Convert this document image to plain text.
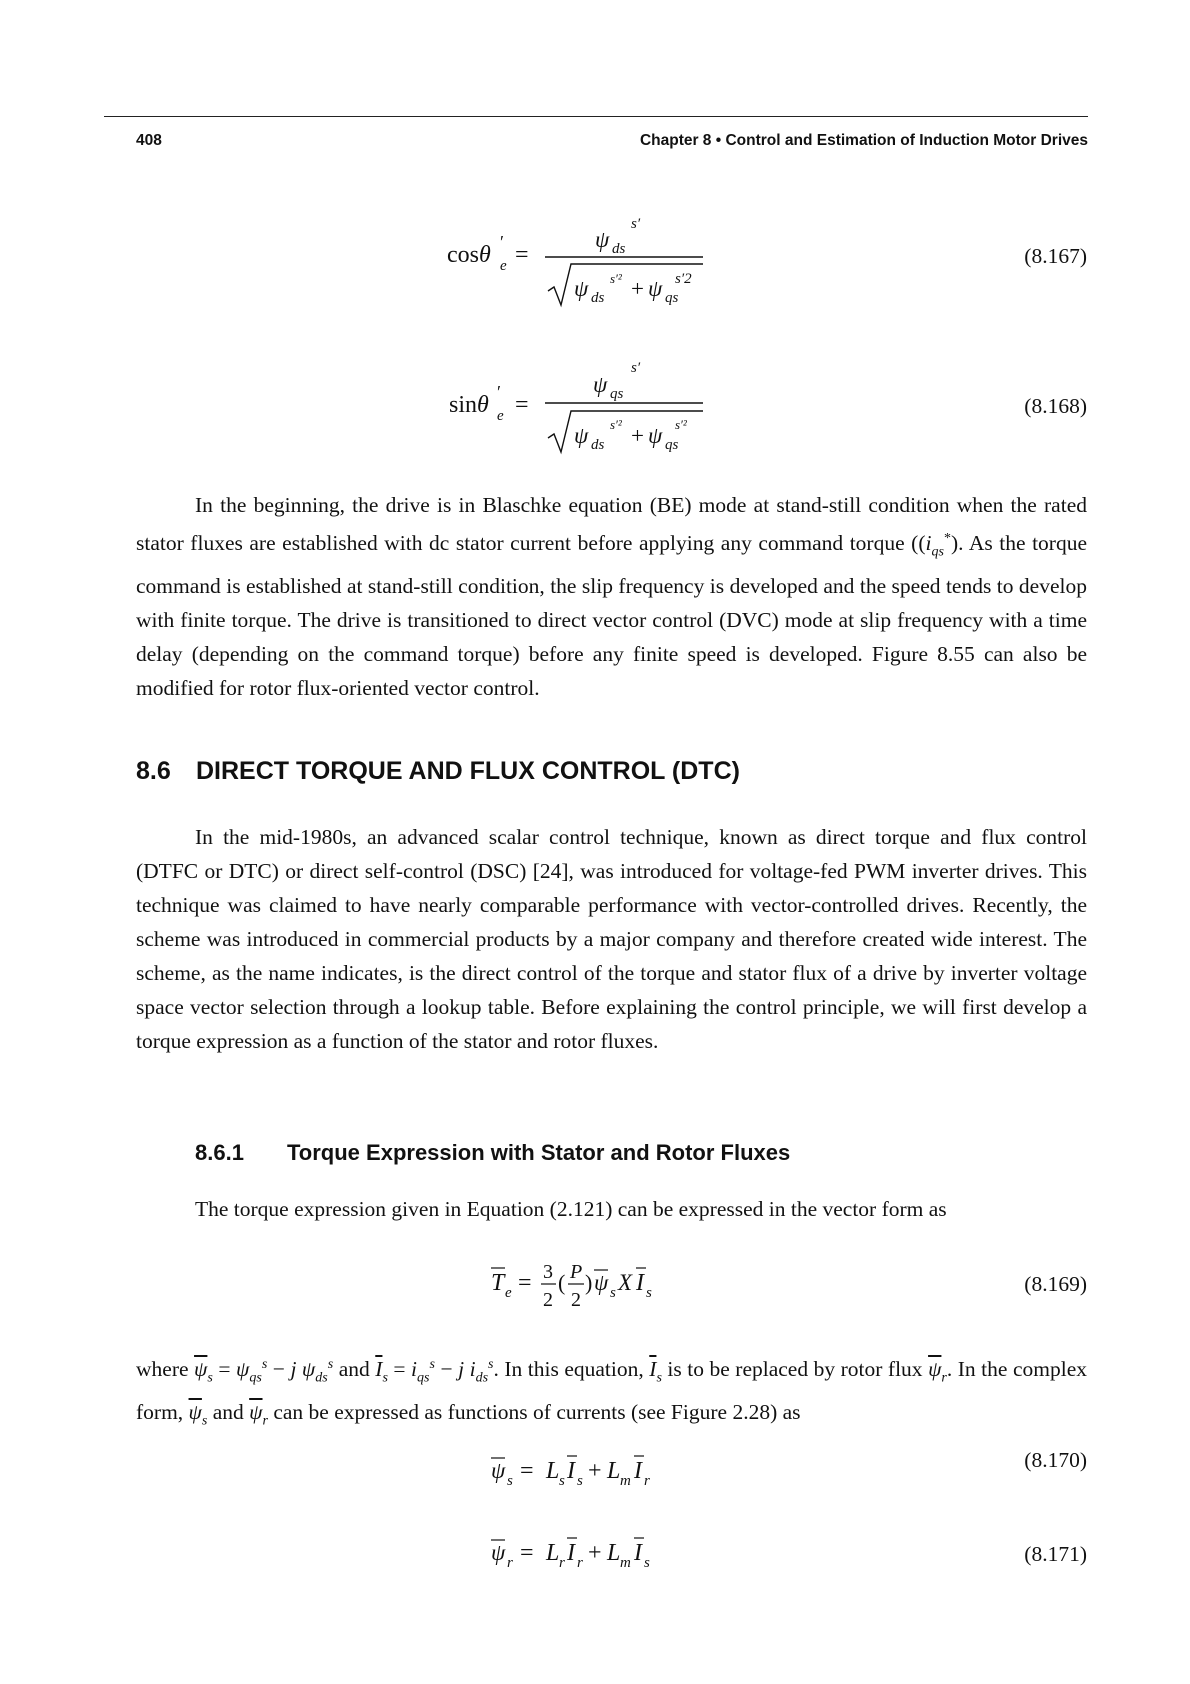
408	Chapter 8 • Control and Estimation of Induction Motor Drives
cosθ e
′ =
ψ ds
s′
ψ ds
s′² + ψ qs
s′2
sinθ e
′ =
ψ qs
s′
ψ ds
s′² + ψ qs
s′²
T e = 3
2
( P
2
) ψ s X I s
ψ s = L s I s + L m I r
ψ r = L r I r + L m I s
(8.167)
(8.168)
(8.169)
(8.170)
(8.171)
In the beginning, the drive is in Blaschke equation (BE) mode at stand-still condition when the rated stator fluxes are established with dc stator current before applying any command torque ($(i_{qs}^*)$. As the torque command is established at stand-still condition, the slip frequency is developed and the speed tends to develop with finite torque. The drive is transitioned to direct vector control (DVC) mode at slip frequency with a time delay (depending on the command torque) before any finite speed is developed. Figure 8.55 can also be modified for rotor flux-oriented vector control.
8.6 DIRECT TORQUE AND FLUX CONTROL (DTC)
In the mid-1980s, an advanced scalar control technique, known as direct torque and flux control (DTFC or DTC) or direct self-control (DSC) [24], was introduced for voltage-fed PWM inverter drives. This technique was claimed to have nearly comparable performance with vector-controlled drives. Recently, the scheme was introduced in commercial products by a major company and therefore created wide interest. The scheme, as the name indicates, is the direct control of the torque and stator flux of a drive by inverter voltage space vector selection through a lookup table. Before explaining the control principle, we will first develop a torque expression as a function of the stator and rotor fluxes.
8.6.1 Torque Expression with Stator and Rotor Fluxes
The torque expression given in Equation (2.121) can be expressed in the vector form as
where $\overline{\psi}_s = \psi_{qs}^s - j$ $\psi_{ds}^s$ and $\overline{I}_s = i_{qs}^s - j$ $i_{ds}^s$. In this equation, $\overline{I}_s$ is to be replaced by rotor flux $\overline{\psi}_r$. In the complex form, $\overline{\psi}_s$ and $\overline{\psi}_r$ can be expressed as functions of currents (see Figure 2.28) as
